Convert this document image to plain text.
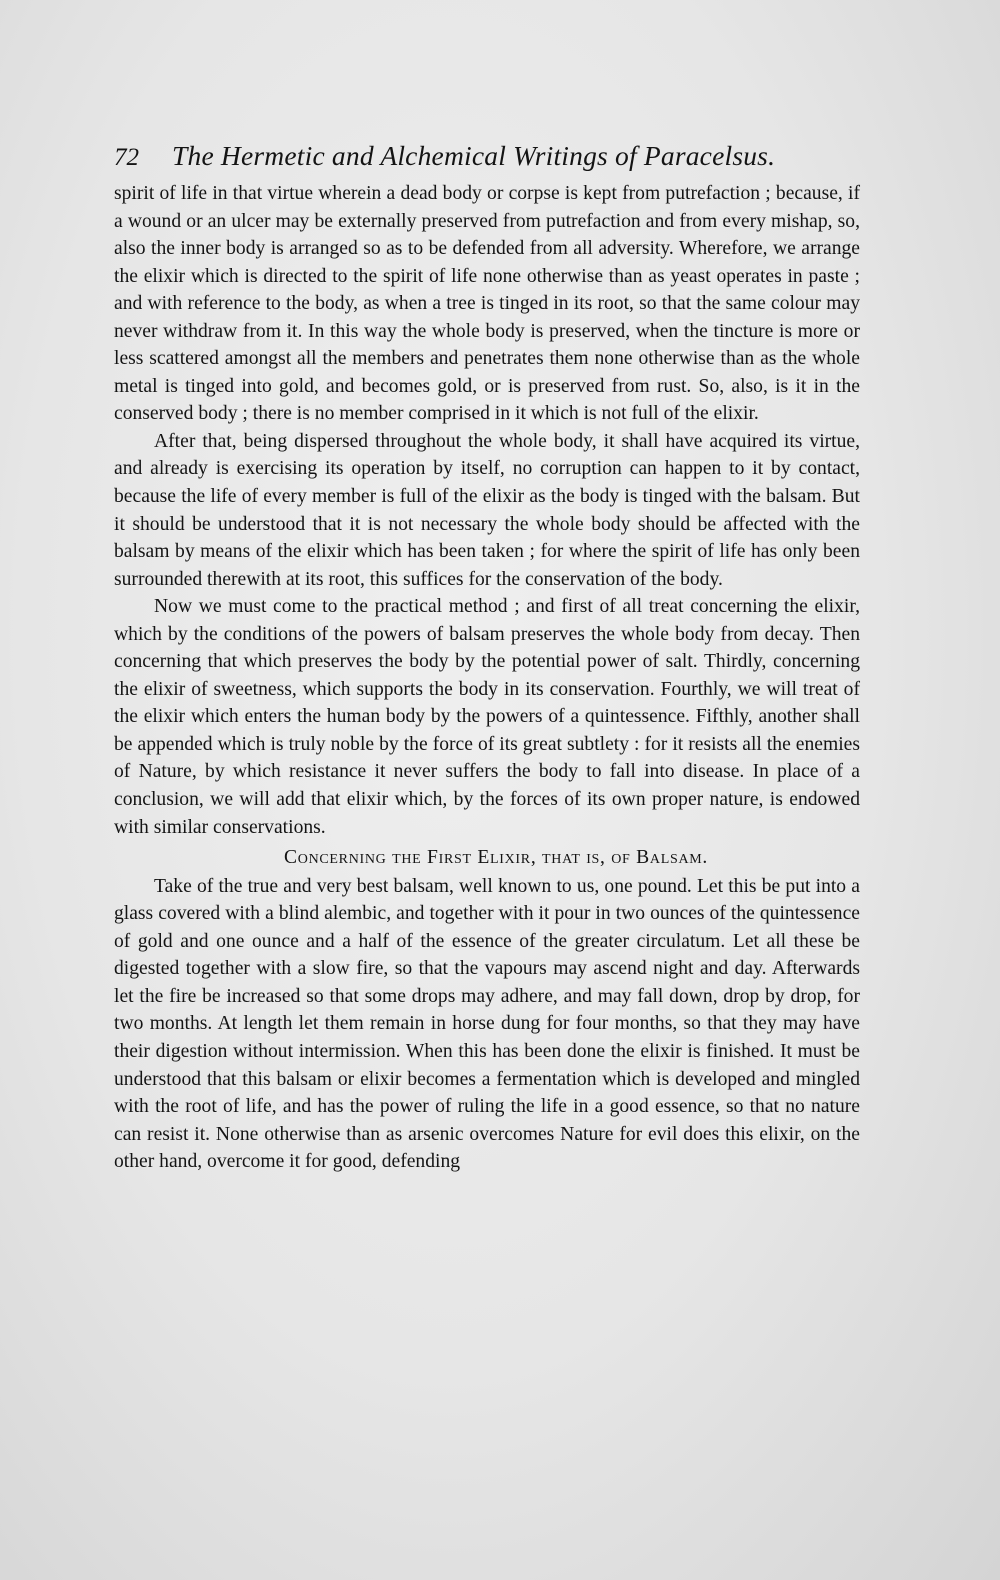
72	The Hermetic and Alchemical Writings of Paracelsus.

spirit of life in that virtue wherein a dead body or corpse is kept from putrefaction ; because, if a wound or an ulcer may be externally preserved from putrefaction and from every mishap, so, also the inner body is arranged so as to be defended from all adversity. Wherefore, we arrange the elixir which is directed to the spirit of life none otherwise than as yeast operates in paste ; and with reference to the body, as when a tree is tinged in its root, so that the same colour may never withdraw from it. In this way the whole body is preserved, when the tincture is more or less scattered amongst all the members and penetrates them none otherwise than as the whole metal is tinged into gold, and becomes gold, or is preserved from rust. So, also, is it in the conserved body ; there is no member comprised in it which is not full of the elixir.

After that, being dispersed throughout the whole body, it shall have acquired its virtue, and already is exercising its operation by itself, no corruption can happen to it by contact, because the life of every member is full of the elixir as the body is tinged with the balsam. But it should be understood that it is not necessary the whole body should be affected with the balsam by means of the elixir which has been taken ; for where the spirit of life has only been surrounded therewith at its root, this suffices for the conservation of the body.

Now we must come to the practical method ; and first of all treat concerning the elixir, which by the conditions of the powers of balsam preserves the whole body from decay. Then concerning that which preserves the body by the potential power of salt. Thirdly, concerning the elixir of sweetness, which supports the body in its conservation. Fourthly, we will treat of the elixir which enters the human body by the powers of a quintessence. Fifthly, another shall be appended which is truly noble by the force of its great subtlety : for it resists all the enemies of Nature, by which resistance it never suffers the body to fall into disease. In place of a conclusion, we will add that elixir which, by the forces of its own proper nature, is endowed with similar conservations.

Concerning the First Elixir, that is, of Balsam.

Take of the true and very best balsam, well known to us, one pound. Let this be put into a glass covered with a blind alembic, and together with it pour in two ounces of the quintessence of gold and one ounce and a half of the essence of the greater circulatum. Let all these be digested together with a slow fire, so that the vapours may ascend night and day. Afterwards let the fire be increased so that some drops may adhere, and may fall down, drop by drop, for two months. At length let them remain in horse dung for four months, so that they may have their digestion without intermission. When this has been done the elixir is finished. It must be understood that this balsam or elixir becomes a fermentation which is developed and mingled with the root of life, and has the power of ruling the life in a good essence, so that no nature can resist it. None otherwise than as arsenic overcomes Nature for evil does this elixir, on the other hand, overcome it for good, defending
